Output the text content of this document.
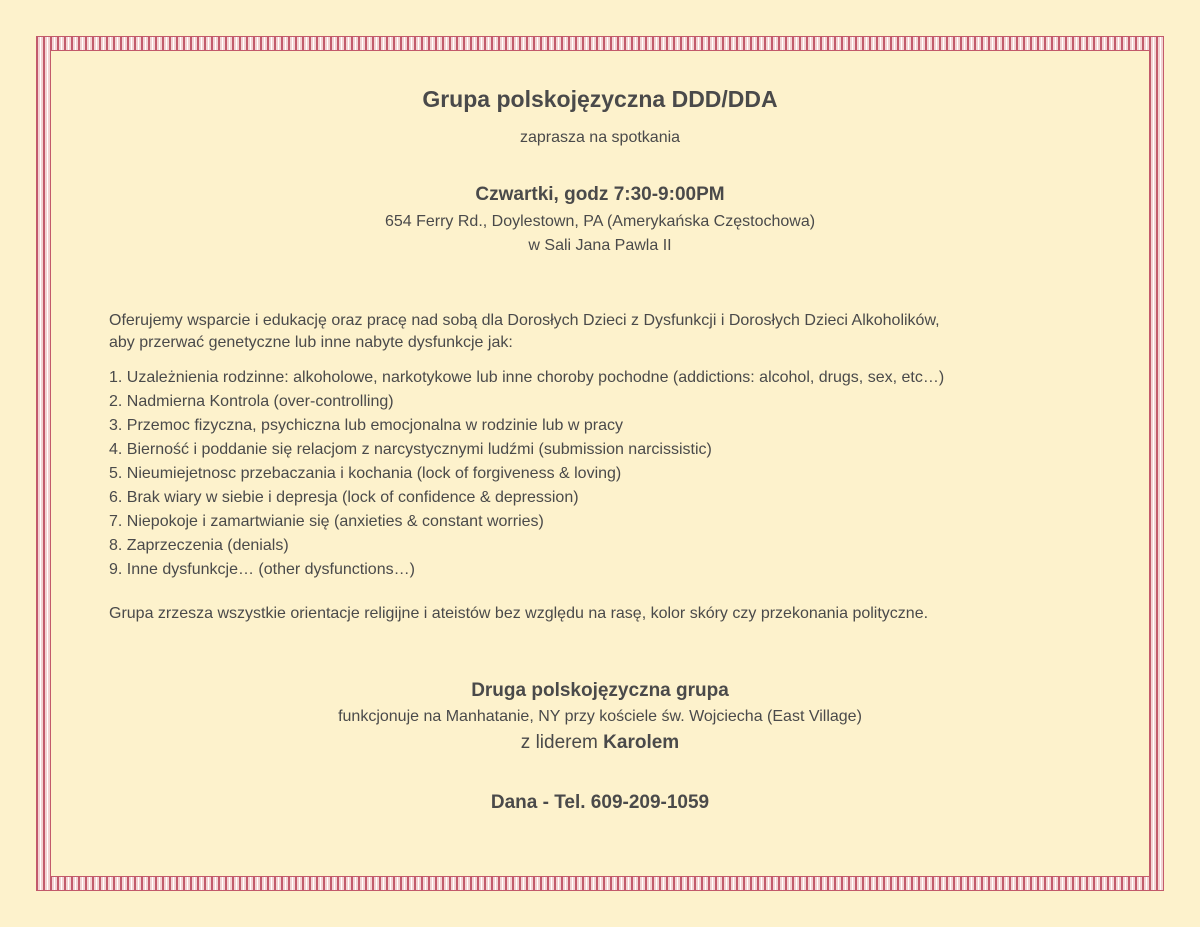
Grupa polskojęzyczna DDD/DDA
zaprasza na spotkania
Czwartki, godz 7:30-9:00PM
654 Ferry Rd., Doylestown, PA (Amerykańska Częstochowa)
w Sali Jana Pawla II
Oferujemy wsparcie i edukację oraz pracę nad sobą dla Dorosłych Dzieci z Dysfunkcji i Dorosłych Dzieci Alkoholików,
aby przerwać genetyczne lub inne nabyte dysfunkcje jak:
1. Uzależnienia rodzinne: alkoholowe, narkotykowe lub inne choroby pochodne (addictions: alcohol, drugs, sex, etc…)
2. Nadmierna Kontrola (over-controlling)
3. Przemoc fizyczna, psychiczna lub emocjonalna w rodzinie lub w pracy
4. Bierność i poddanie się relacjom z narcystycznymi ludźmi (submission narcissistic)
5. Nieumiejetnosc przebaczania i kochania (lock of forgiveness & loving)
6. Brak wiary w siebie i depresja (lock of confidence & depression)
7. Niepokoje i zamartwianie się (anxieties & constant worries)
8. Zaprzeczenia (denials)
9. Inne dysfunkcje… (other dysfunctions…)
Grupa zrzesza wszystkie orientacje religijne i ateistów bez względu na rasę, kolor skóry czy przekonania polityczne.
Druga polskojęzyczna grupa
funkcjonuje na Manhatanie, NY przy kościele św. Wojciecha (East Village)
z liderem Karolem
Dana - Tel. 609-209-1059
